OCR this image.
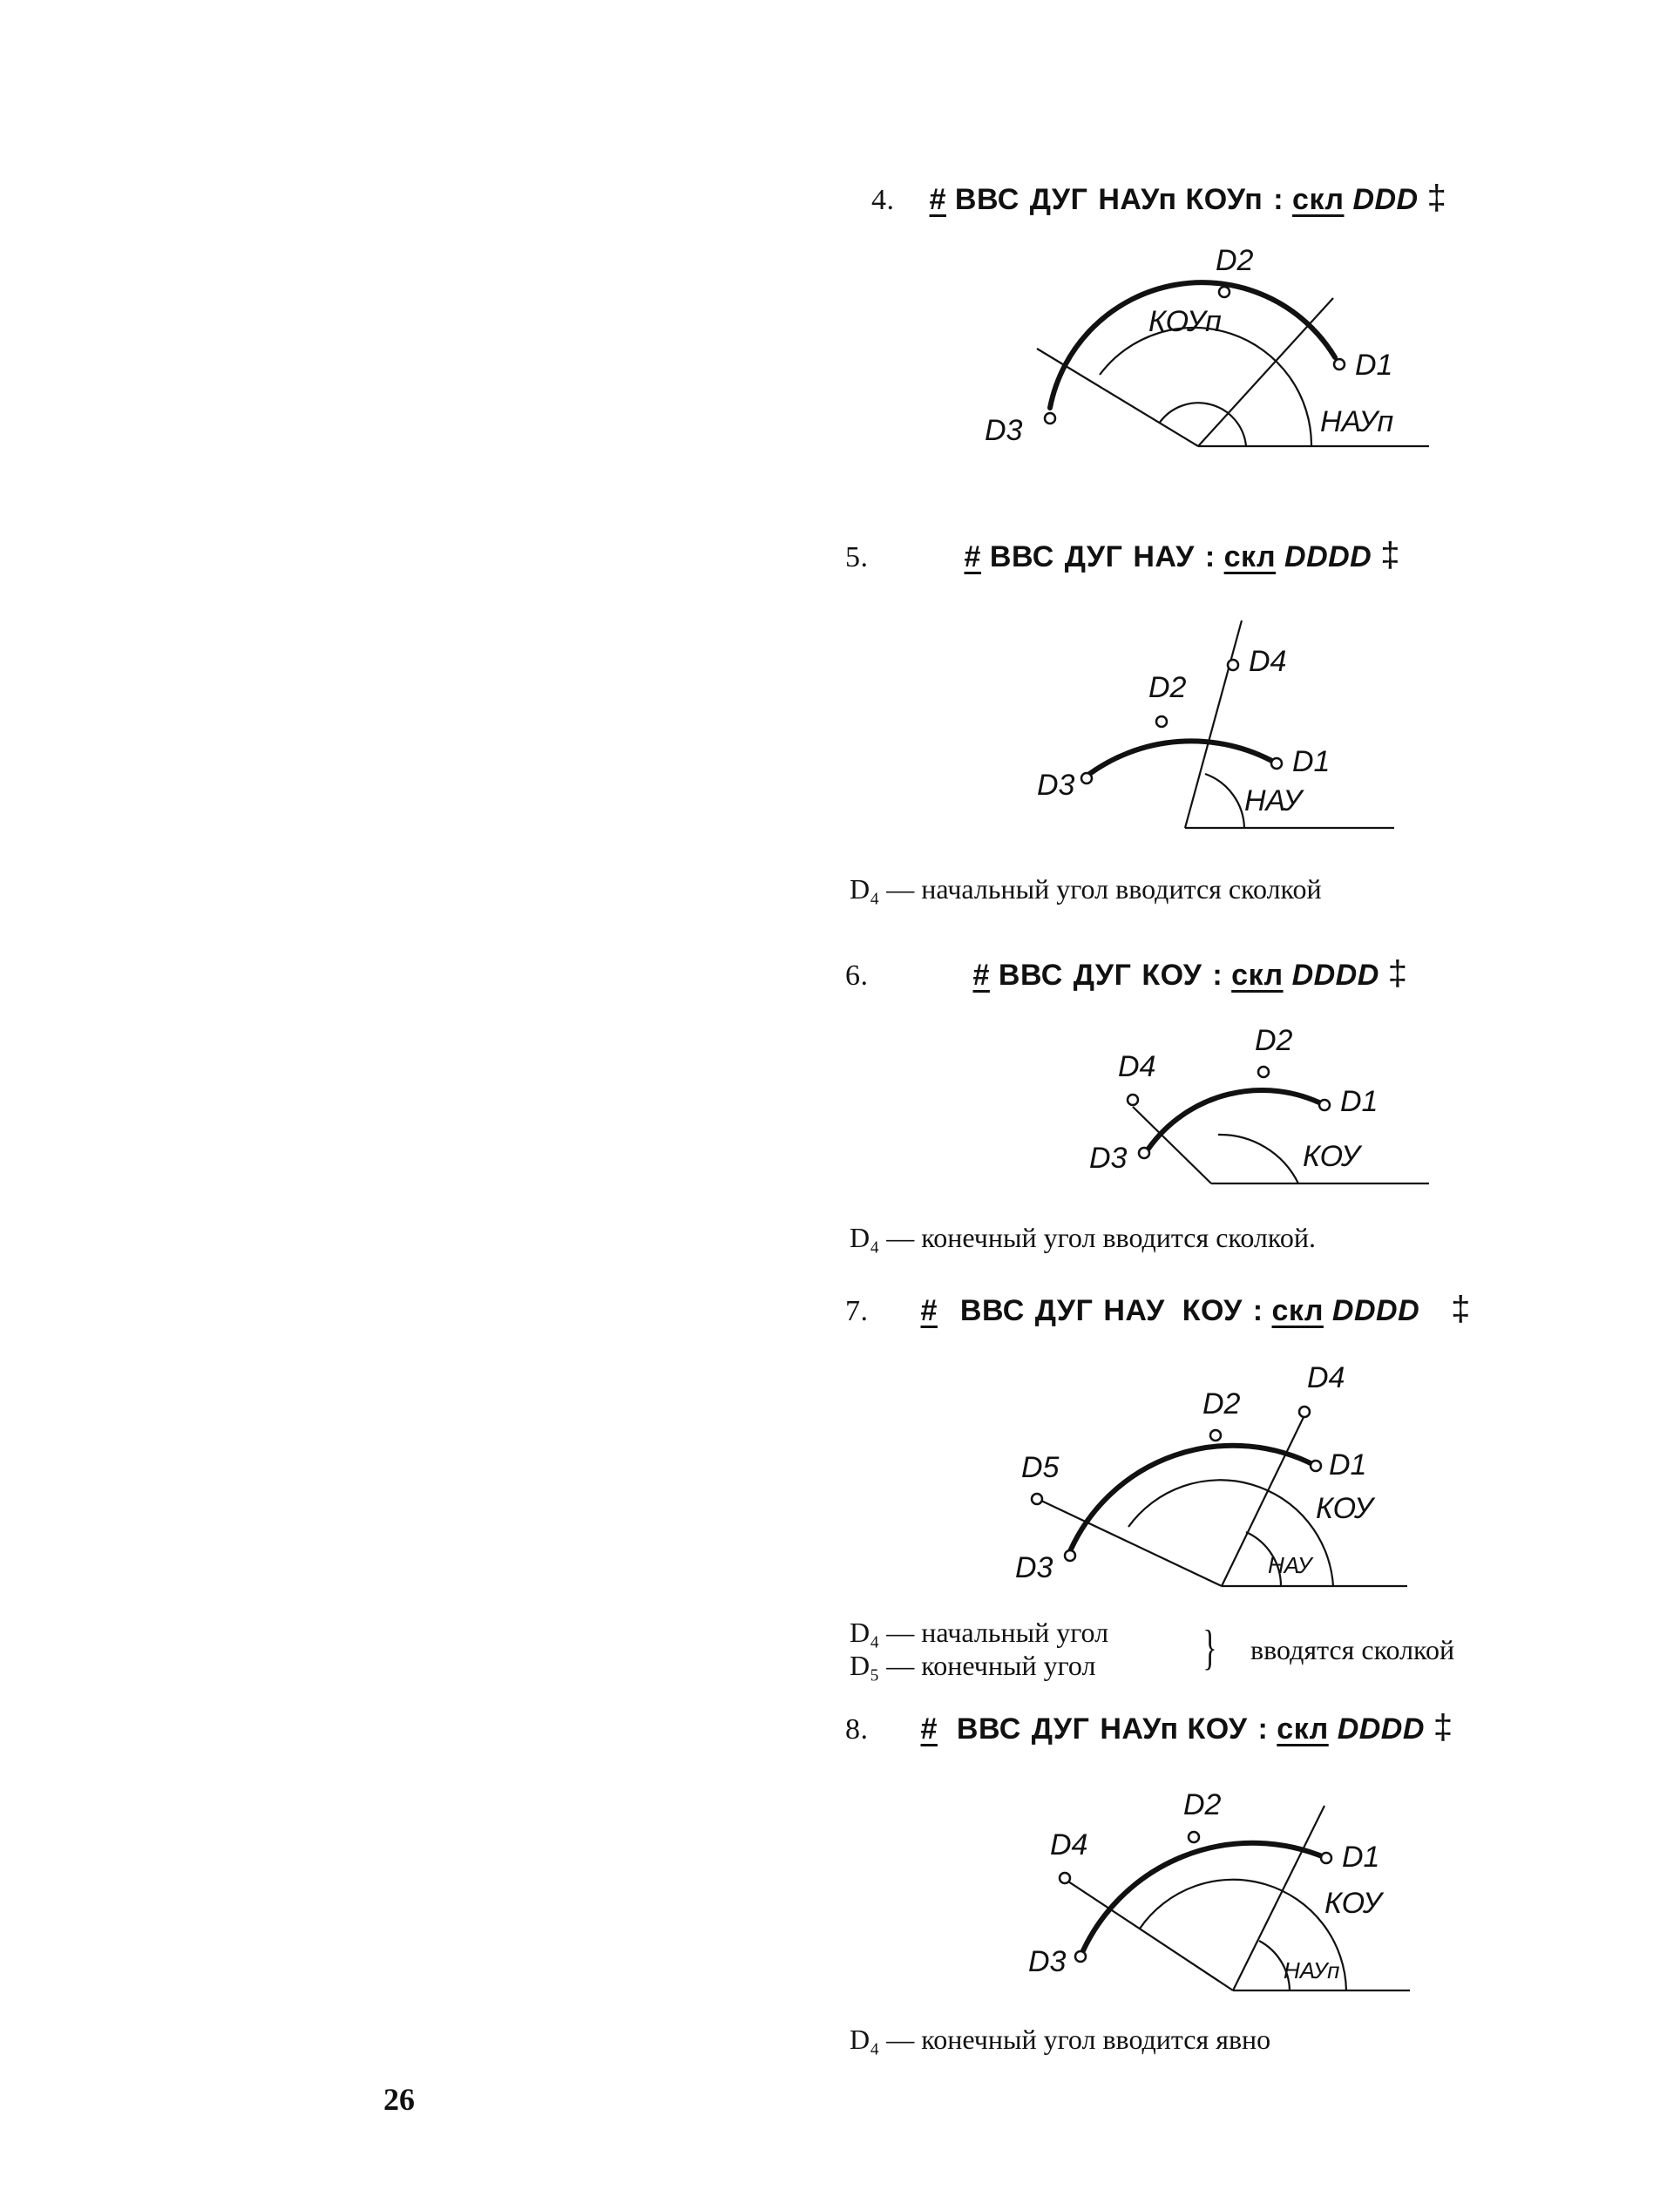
4. # ВВС ДУГ НАУп КОУп : скл DDD ‡
D1
D2
D3
КОУп
НАУп
5.	# ВВС ДУГ НАУ : скл DDDD ‡
D1
D2
D3
D4
НАУ
D₄ — начальный угол вводится сколкой
6.	# ВВС ДУГ КОУ : скл DDDD ‡
D1
D2
D3
D4
КОУ
D₄ — конечный угол вводится сколкой.
7. # ВВС ДУГ НАУ  КОУ : скл DDDD ‡
D1
D2
D3
D4
D5
КОУ
НАУ
D₄ — начальный угол
D₅ — конечный угол } вводятся сколкой
8. # ВВС ДУГ НАУп КОУ : скл DDDD ‡
D1
D2
D3
D4
КОУ
НАУп
D₄ — конечный угол вводится явно
26
